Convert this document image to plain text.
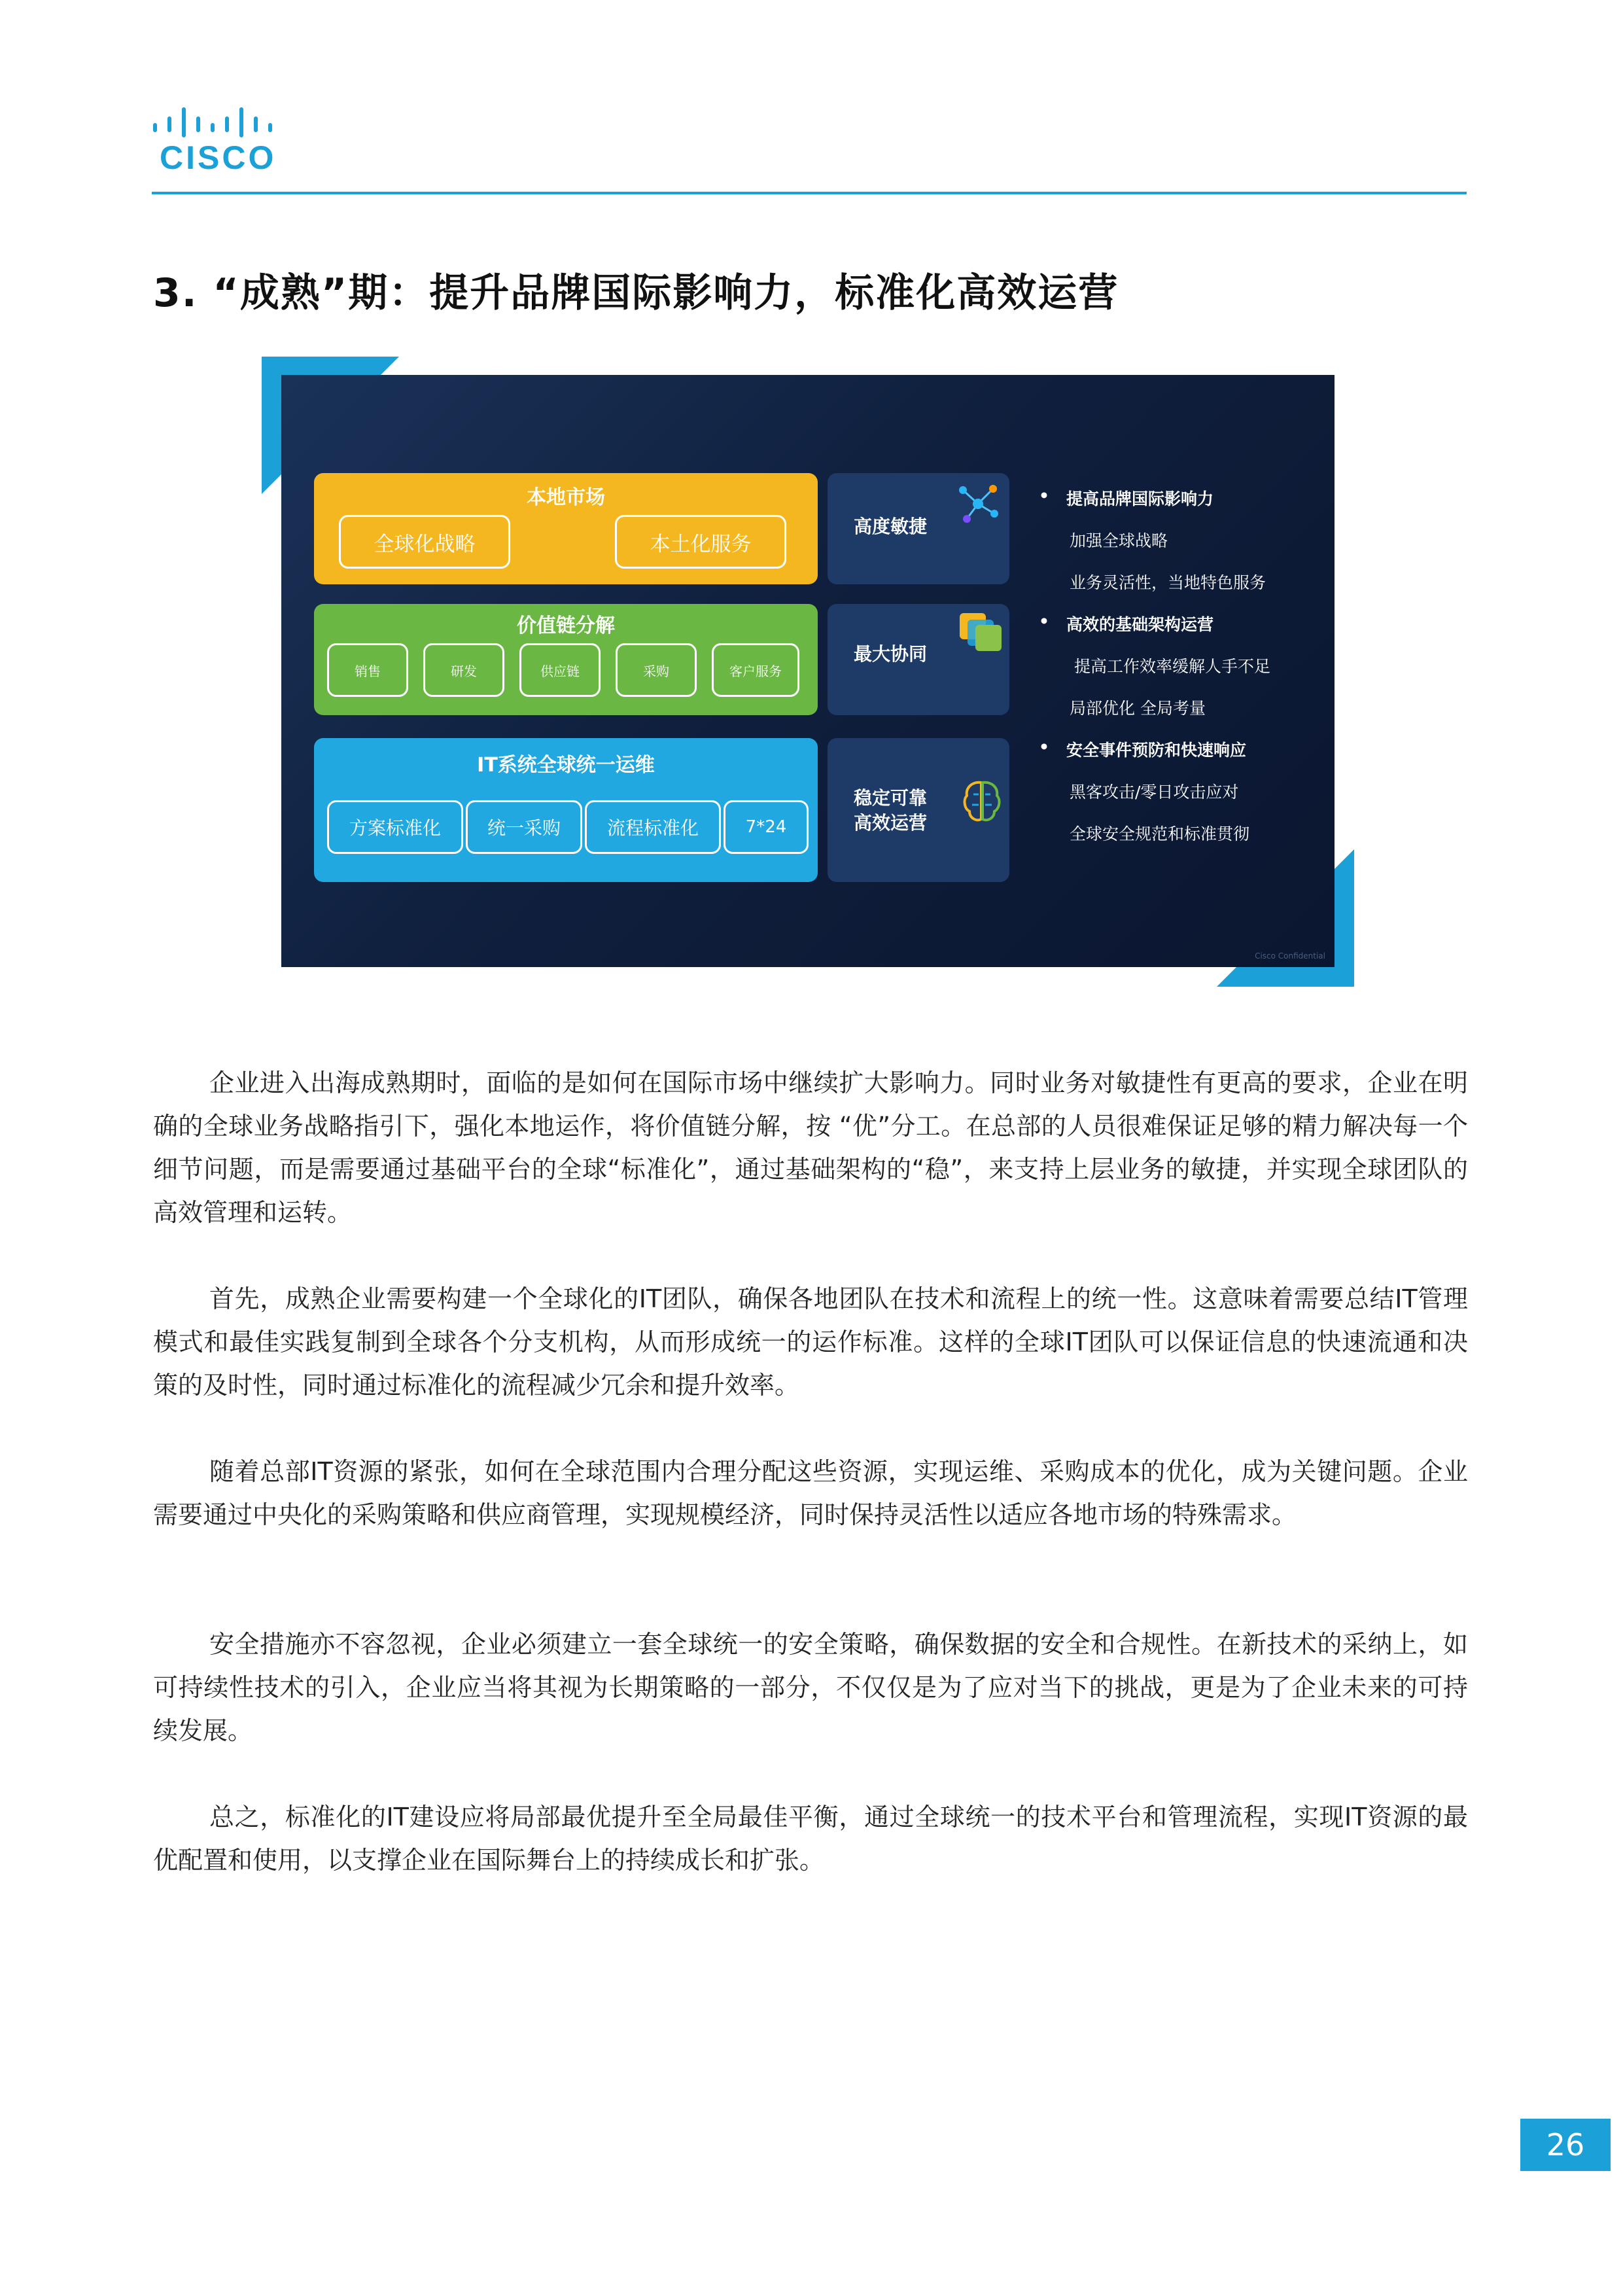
CISCO
3. “成熟”期：提升品牌国际影响力，标准化高效运营
本地市场
全球化战略	本土化服务
价值链分解
销售	研发	供应链	采购	客户服务
IT系统全球统一运维
方案标准化	统一采购	流程标准化	7*24
高度敏捷
最大协同
稳定可靠
高效运营
• 提高品牌国际影响力
加强全球战略
业务灵活性，当地特色服务
• 高效的基础架构运营
提高工作效率缓解人手不足
局部优化 全局考量
• 安全事件预防和快速响应
黑客攻击/零日攻击应对
全球安全规范和标准贯彻
Cisco Confidential

企业进入出海成熟期时，面临的是如何在国际市场中继续扩大影响力。同时业务对敏捷性有更高的要求，企业在明确的全球业务战略指引下，强化本地运作，将价值链分解，按 “优”分工。在总部的人员很难保证足够的精力解决每一个细节问题，而是需要通过基础平台的全球“标准化”，通过基础架构的“稳”，来支持上层业务的敏捷，并实现全球团队的高效管理和运转。

首先，成熟企业需要构建一个全球化的IT团队，确保各地团队在技术和流程上的统一性。这意味着需要总结IT管理模式和最佳实践复制到全球各个分支机构，从而形成统一的运作标准。这样的全球IT团队可以保证信息的快速流通和决策的及时性，同时通过标准化的流程减少冗余和提升效率。

随着总部IT资源的紧张，如何在全球范围内合理分配这些资源，实现运维、采购成本的优化，成为关键问题。企业需要通过中央化的采购策略和供应商管理，实现规模经济，同时保持灵活性以适应各地市场的特殊需求。

安全措施亦不容忽视，企业必须建立一套全球统一的安全策略，确保数据的安全和合规性。在新技术的采纳上，如可持续性技术的引入，企业应当将其视为长期策略的一部分，不仅仅是为了应对当下的挑战，更是为了企业未来的可持续发展。

总之，标准化的IT建设应将局部最优提升至全局最佳平衡，通过全球统一的技术平台和管理流程，实现IT资源的最优配置和使用，以支撑企业在国际舞台上的持续成长和扩张。

26
